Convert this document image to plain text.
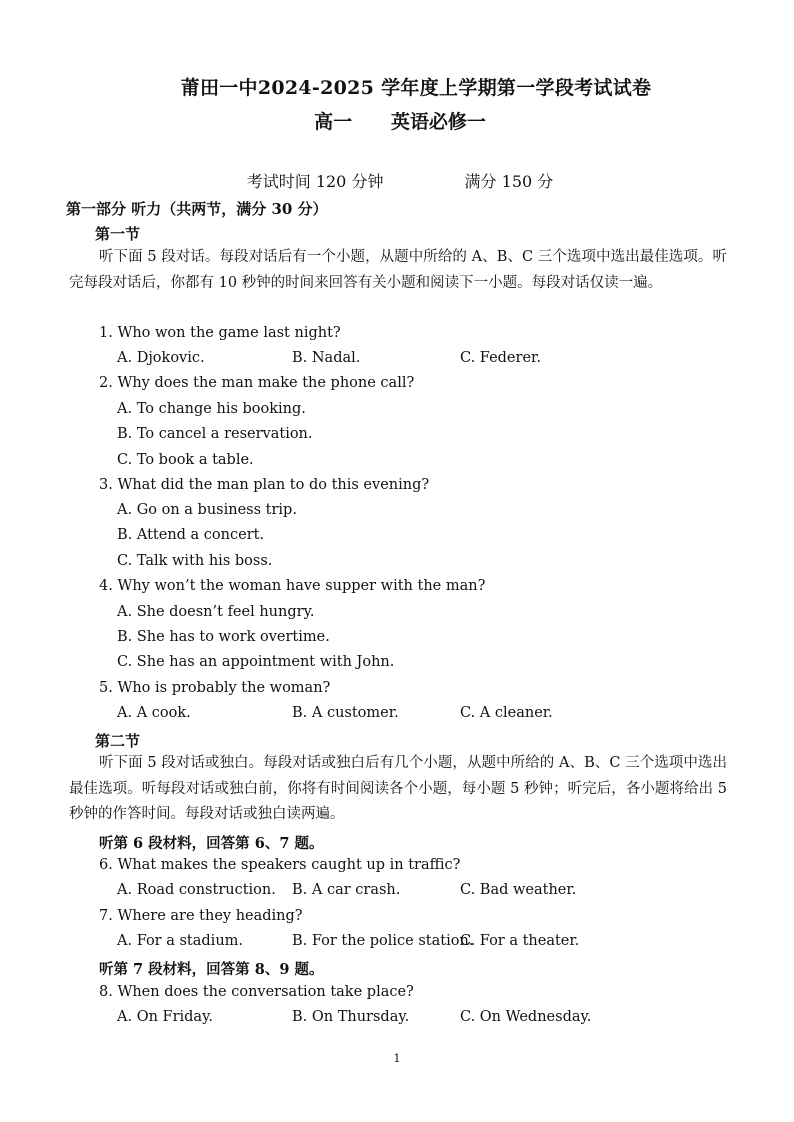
莆田一中2024-2025 学年度上学期第一学段考试试卷
高一 英语必修一
考试时间 120 分钟	满分 150 分
第一部分 听力（共两节，满分 30 分）
第一节
听下面 5 段对话。每段对话后有一个小题，从题中所给的 A、B、C 三个选项中选出最佳选项。听完每段对话后，你都有 10 秒钟的时间来回答有关小题和阅读下一小题。每段对话仅读一遍。
1. Who won the game last night?
A. Djokovic.	B. Nadal.	C. Federer.
2. Why does the man make the phone call?
A. To change his booking.
B. To cancel a reservation.
C. To book a table.
3. What did the man plan to do this evening?
A. Go on a business trip.
B. Attend a concert.
C. Talk with his boss.
4. Why won’t the woman have supper with the man?
A. She doesn’t feel hungry.
B. She has to work overtime.
C. She has an appointment with John.
5. Who is probably the woman?
A. A cook.	B. A customer.	C. A cleaner.
第二节
听下面 5 段对话或独白。每段对话或独白后有几个小题，从题中所给的 A、B、C 三个选项中选出最佳选项。听每段对话或独白前，你将有时间阅读各个小题，每小题 5 秒钟；听完后，各小题将给出 5 秒钟的作答时间。每段对话或独白读两遍。
听第 6 段材料，回答第 6、7 题。
6. What makes the speakers caught up in traffic?
A. Road construction. B. A car crash.	C. Bad weather.
7. Where are they heading?
A. For a stadium.	B. For the police station.
C. For a theater.
听第 7 段材料，回答第 8、9 题。
8. When does the conversation take place?
A. On Friday.	B. On Thursday.	C. On Wednesday.
1
